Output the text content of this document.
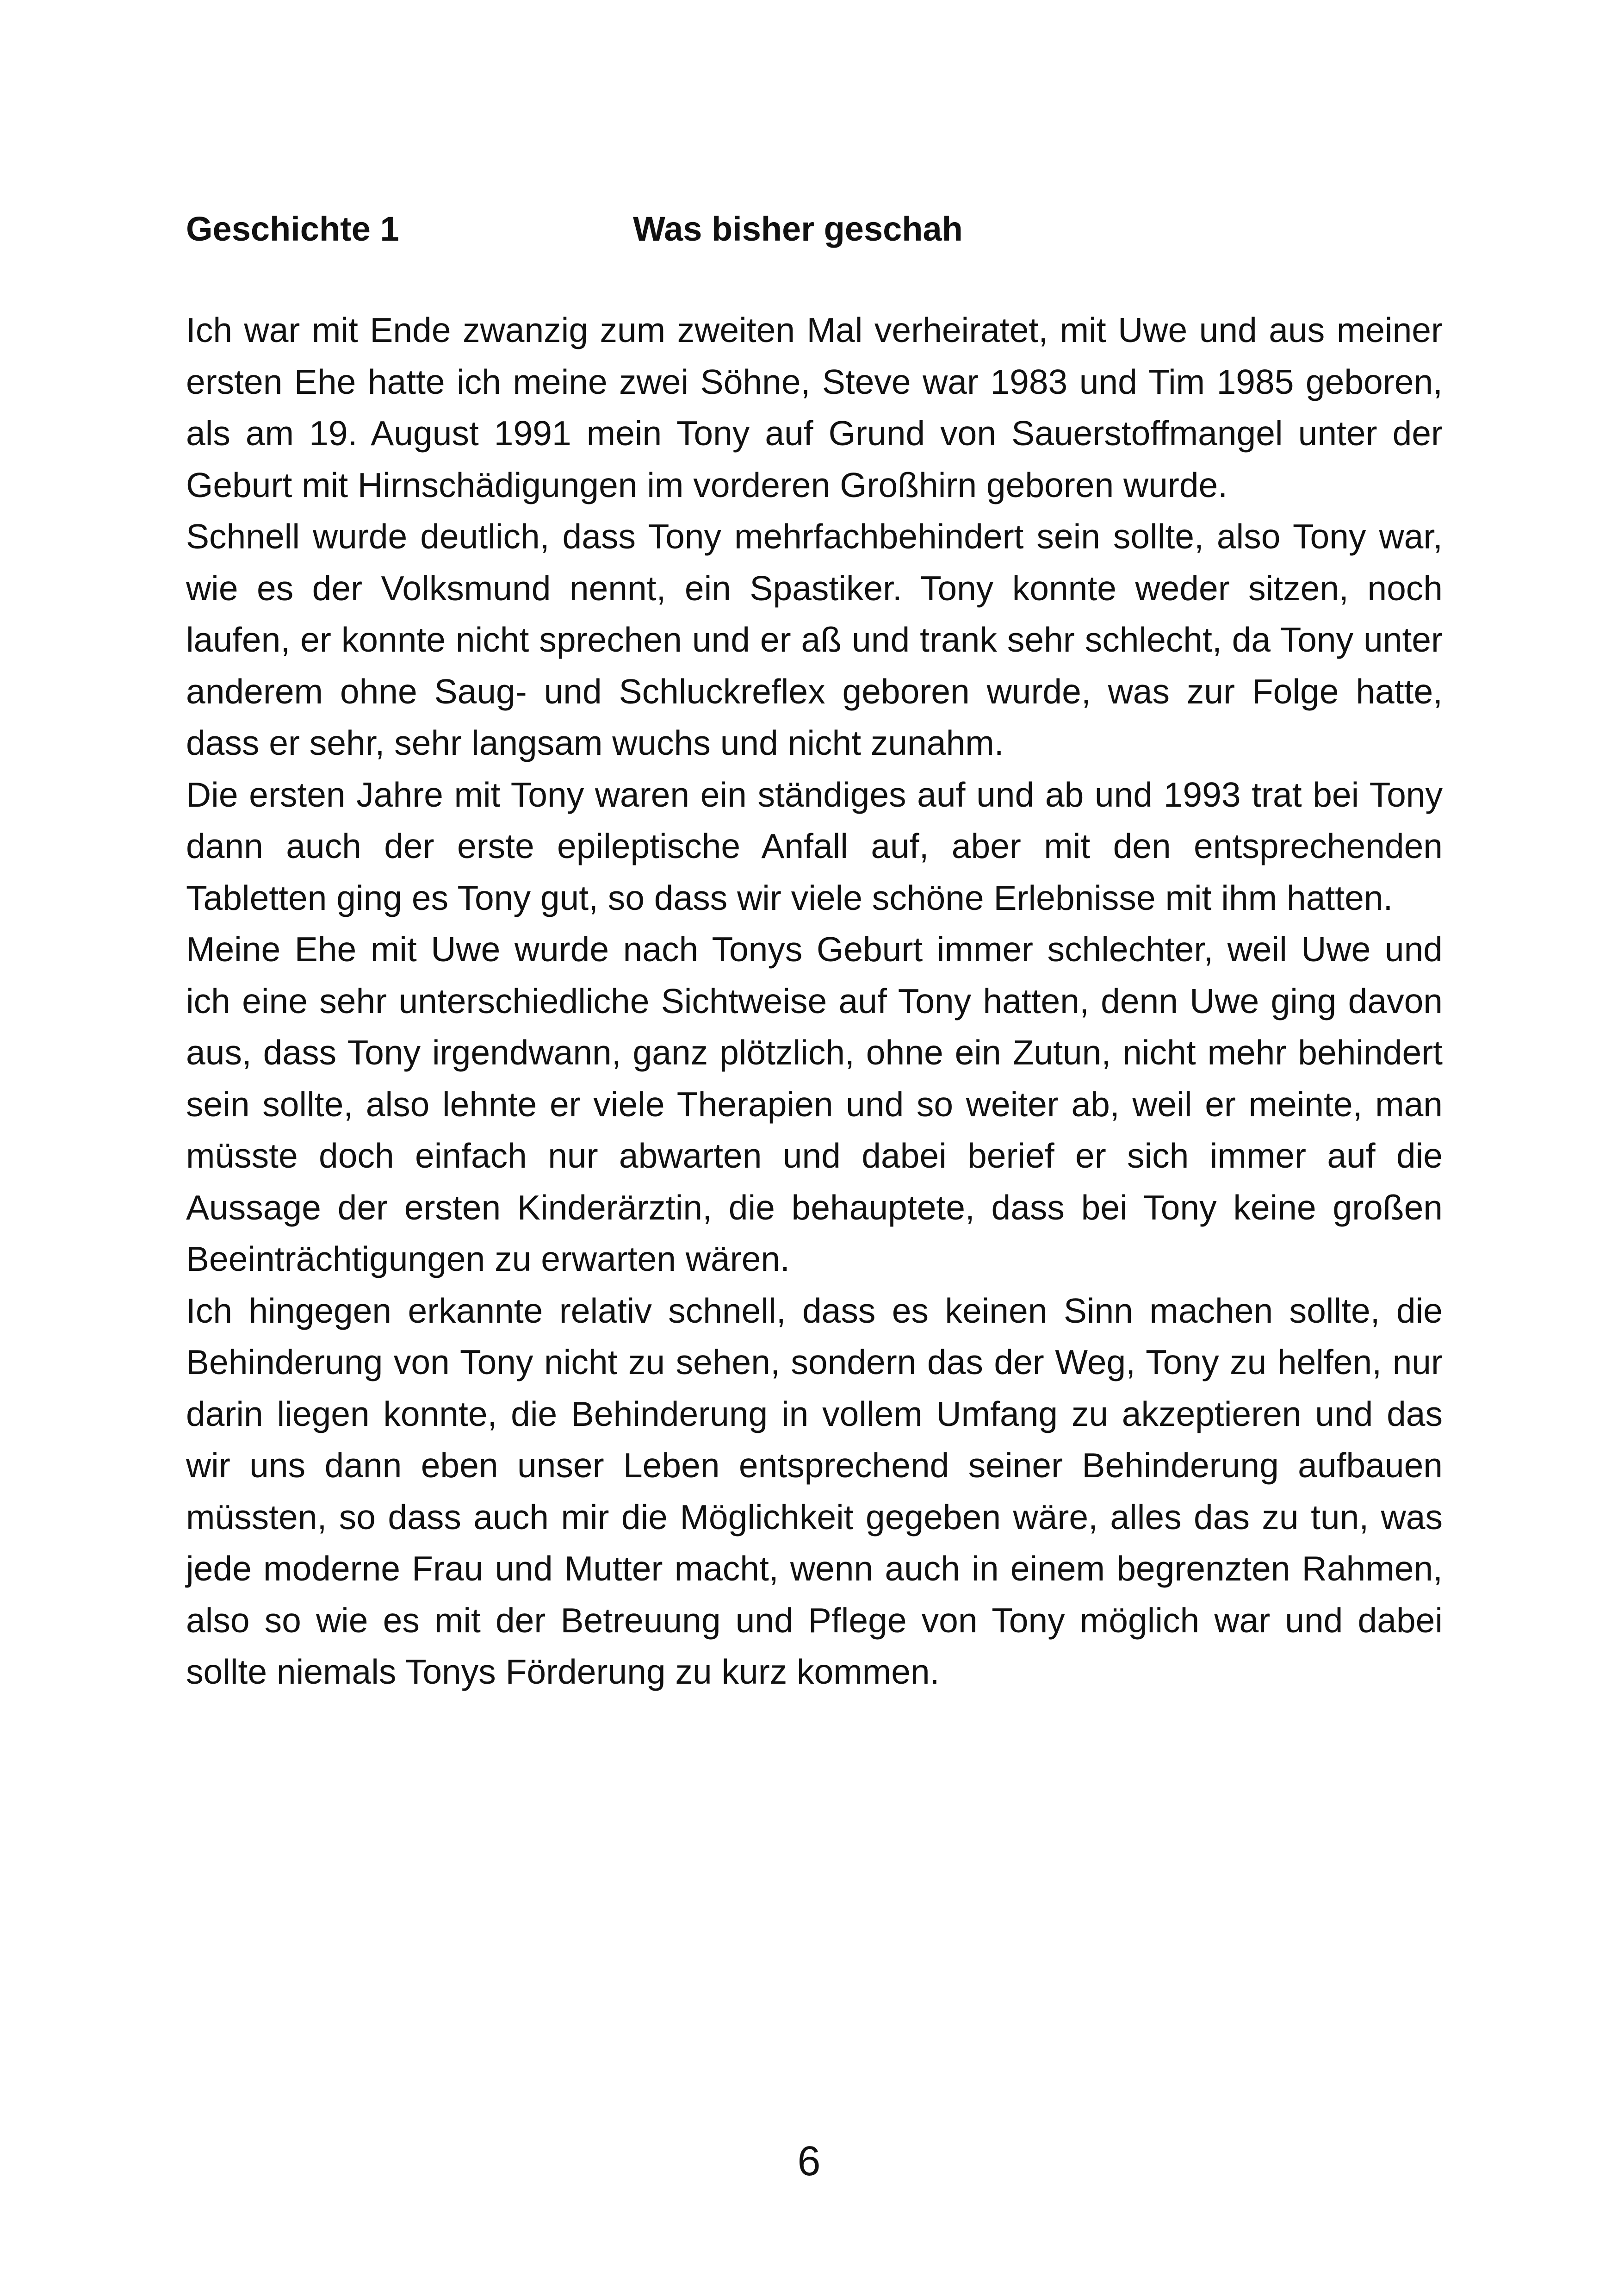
Geschichte 1	Was bisher geschah

Ich war mit Ende zwanzig zum zweiten Mal verheiratet, mit Uwe und aus meiner ersten Ehe hatte ich meine zwei Söhne, Steve war 1983 und Tim 1985 geboren, als am 19. August 1991 mein Tony auf Grund von Sauerstoffmangel unter der Geburt mit Hirnschädigungen im vorderen Großhirn geboren wurde.

Schnell wurde deutlich, dass Tony mehrfachbehindert sein sollte, also Tony war, wie es der Volksmund nennt, ein Spastiker. Tony konnte weder sitzen, noch laufen, er konnte nicht sprechen und er aß und trank sehr schlecht, da Tony unter anderem ohne Saug- und Schluckreflex geboren wurde, was zur Folge hatte, dass er sehr, sehr langsam wuchs und nicht zunahm.

Die ersten Jahre mit Tony waren ein ständiges auf und ab und 1993 trat bei Tony dann auch der erste epileptische Anfall auf, aber mit den entsprechenden Tabletten ging es Tony gut, so dass wir viele schöne Erlebnisse mit ihm hatten.

Meine Ehe mit Uwe wurde nach Tonys Geburt immer schlechter, weil Uwe und ich eine sehr unterschiedliche Sichtweise auf Tony hatten, denn Uwe ging davon aus, dass Tony irgendwann, ganz plötzlich, ohne ein Zutun, nicht mehr behindert sein sollte, also lehnte er viele Therapien und so weiter ab, weil er meinte, man müsste doch einfach nur abwarten und dabei berief er sich immer auf die Aussage der ersten Kinderärztin, die behauptete, dass bei Tony keine großen Beeinträchtigungen zu erwarten wären.

Ich hingegen erkannte relativ schnell, dass es keinen Sinn machen sollte, die Behinderung von Tony nicht zu sehen, sondern das der Weg, Tony zu helfen, nur darin liegen konnte, die Behinderung in vollem Umfang zu akzeptieren und das wir uns dann eben unser Leben entsprechend seiner Behinderung aufbauen müssten, so dass auch mir die Möglichkeit gegeben wäre, alles das zu tun, was jede moderne Frau und Mutter macht, wenn auch in einem begrenzten Rahmen, also so wie es mit der Betreuung und Pflege von Tony möglich war und dabei sollte niemals Tonys Förderung zu kurz kommen.

6
